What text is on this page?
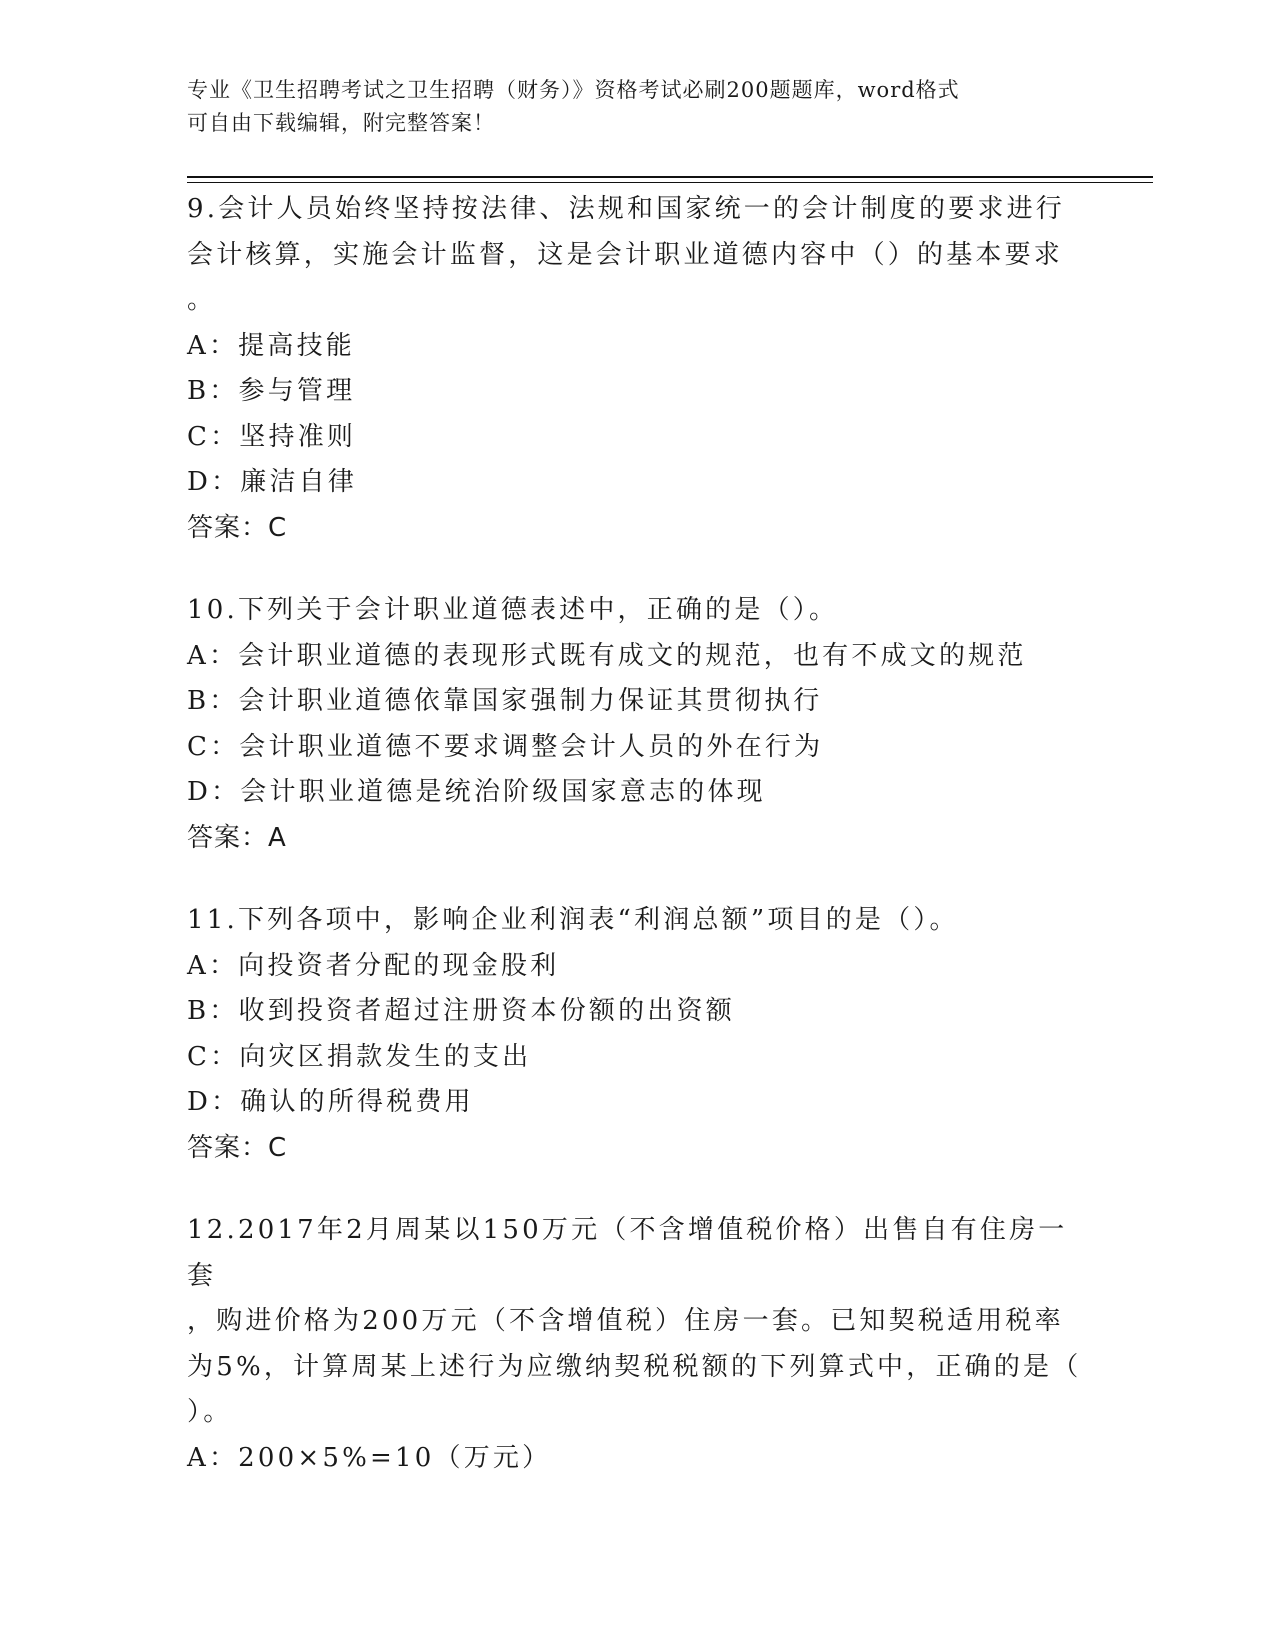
专业《卫生招聘考试之卫生招聘（财务）》资格考试必刷200题题库，word格式
可自由下载编辑，附完整答案！

9.会计人员始终坚持按法律、法规和国家统一的会计制度的要求进行

会计核算，实施会计监督，这是会计职业道德内容中（）的基本要求

。

A：提高技能

B：参与管理

C：坚持准则

D：廉洁自律

答案：C

10.下列关于会计职业道德表述中，正确的是（）。

A：会计职业道德的表现形式既有成文的规范，也有不成文的规范

B：会计职业道德依靠国家强制力保证其贯彻执行

C：会计职业道德不要求调整会计人员的外在行为

D：会计职业道德是统治阶级国家意志的体现

答案：A

11.下列各项中，影响企业利润表“利润总额”项目的是（）。

A：向投资者分配的现金股利

B：收到投资者超过注册资本份额的出资额

C：向灾区捐款发生的支出

D：确认的所得税费用

答案：C

12.2017年2月周某以150万元（不含增值税价格）出售自有住房一套

，购进价格为200万元（不含增值税）住房一套。已知契税适用税率

为5%，计算周某上述行为应缴纳契税税额的下列算式中，正确的是（

）。

A：200×5%=10（万元）
